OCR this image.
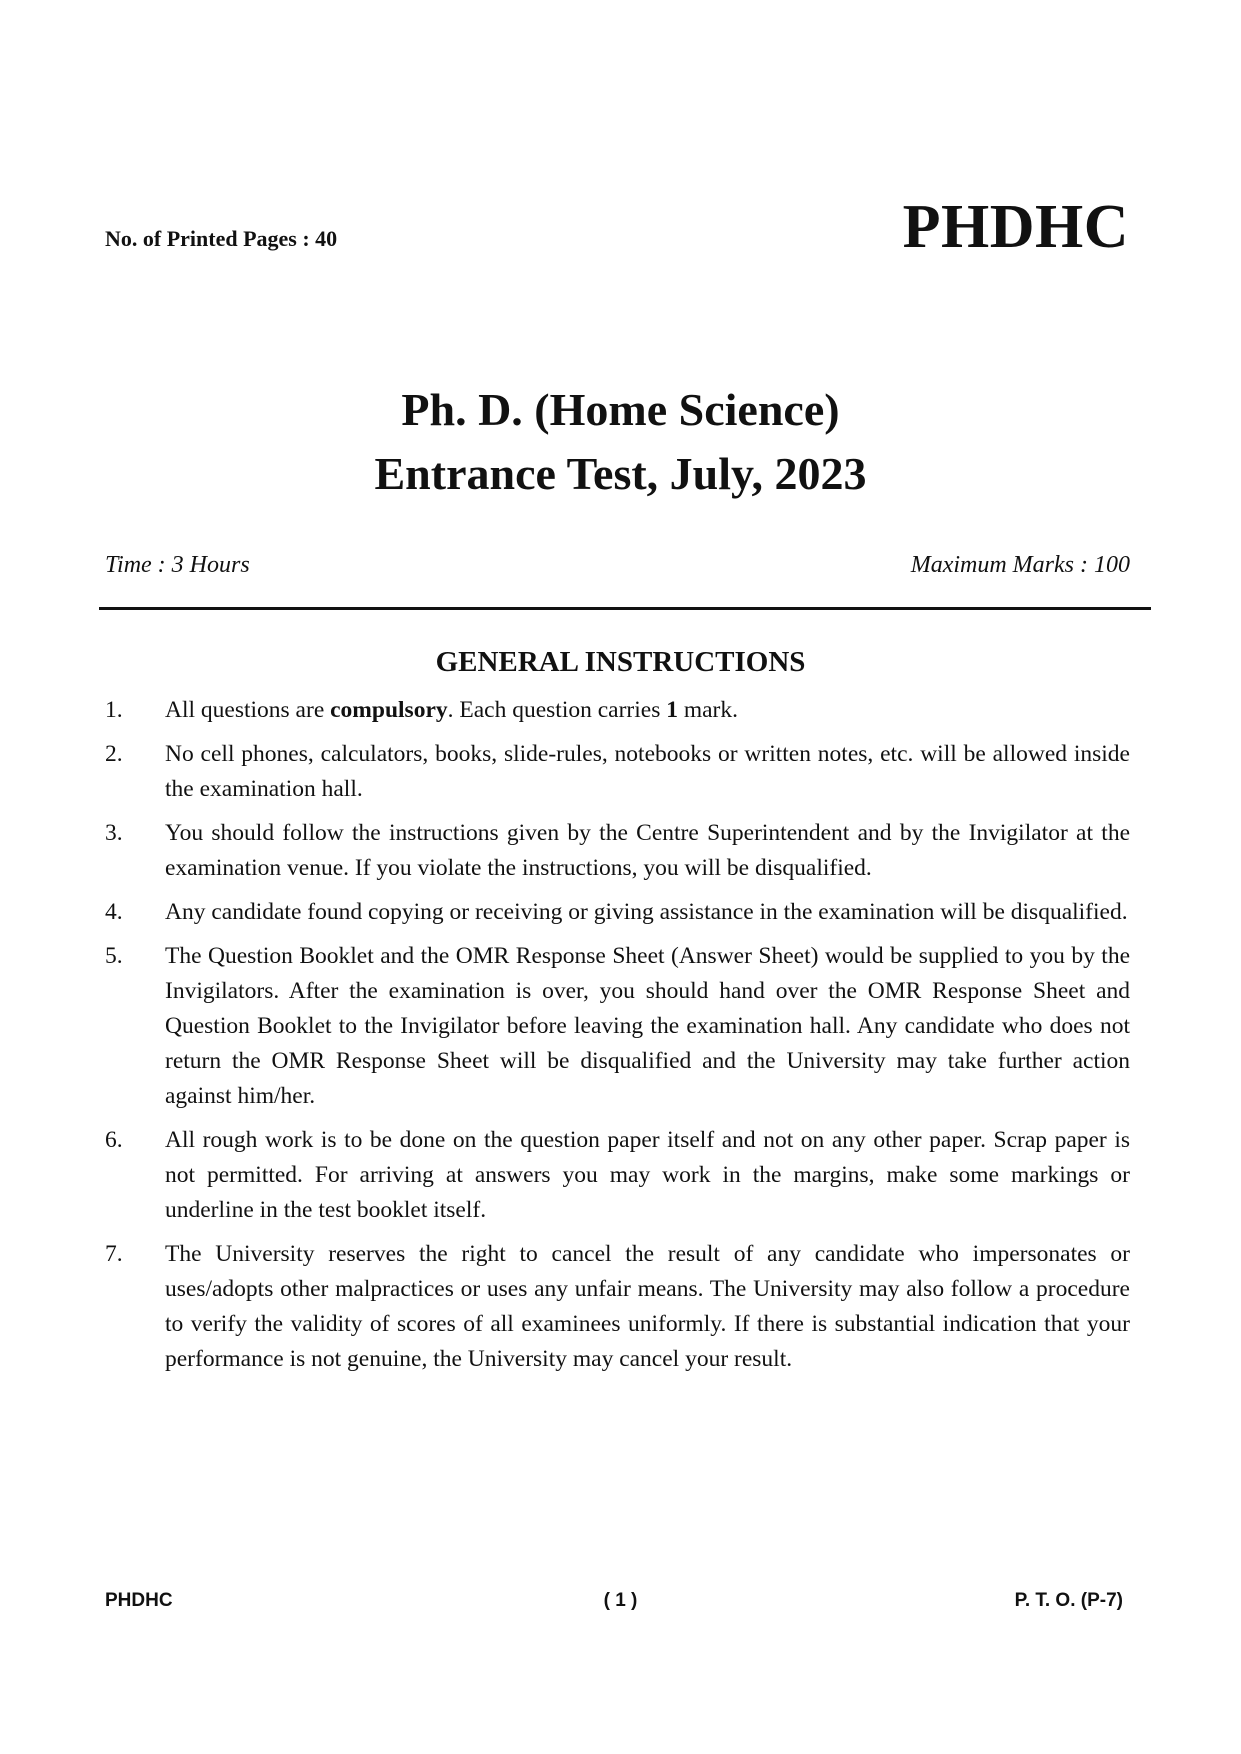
No. of Printed Pages : 40	PHDHC
Ph. D. (Home Science)
Entrance Test, July, 2023
Time : 3 Hours	Maximum Marks : 100
GENERAL INSTRUCTIONS
1.	All questions are compulsory. Each question carries 1 mark.
2.	No cell phones, calculators, books, slide-rules, notebooks or written notes, etc. will be allowed inside the examination hall.
3.	You should follow the instructions given by the Centre Superintendent and by the Invigilator at the examination venue. If you violate the instructions, you will be disqualified.
4.	Any candidate found copying or receiving or giving assistance in the examination will be disqualified.
5.	The Question Booklet and the OMR Response Sheet (Answer Sheet) would be supplied to you by the Invigilators. After the examination is over, you should hand over the OMR Response Sheet and Question Booklet to the Invigilator before leaving the examination hall. Any candidate who does not return the OMR Response Sheet will be disqualified and the University may take further action against him/her.
6.	All rough work is to be done on the question paper itself and not on any other paper. Scrap paper is not permitted. For arriving at answers you may work in the margins, make some markings or underline in the test booklet itself.
7.	The University reserves the right to cancel the result of any candidate who impersonates or uses/adopts other malpractices or uses any unfair means. The University may also follow a procedure to verify the validity of scores of all examinees uniformly. If there is substantial indication that your performance is not genuine, the University may cancel your result.
PHDHC	( 1 )	P. T. O. (P-7)
